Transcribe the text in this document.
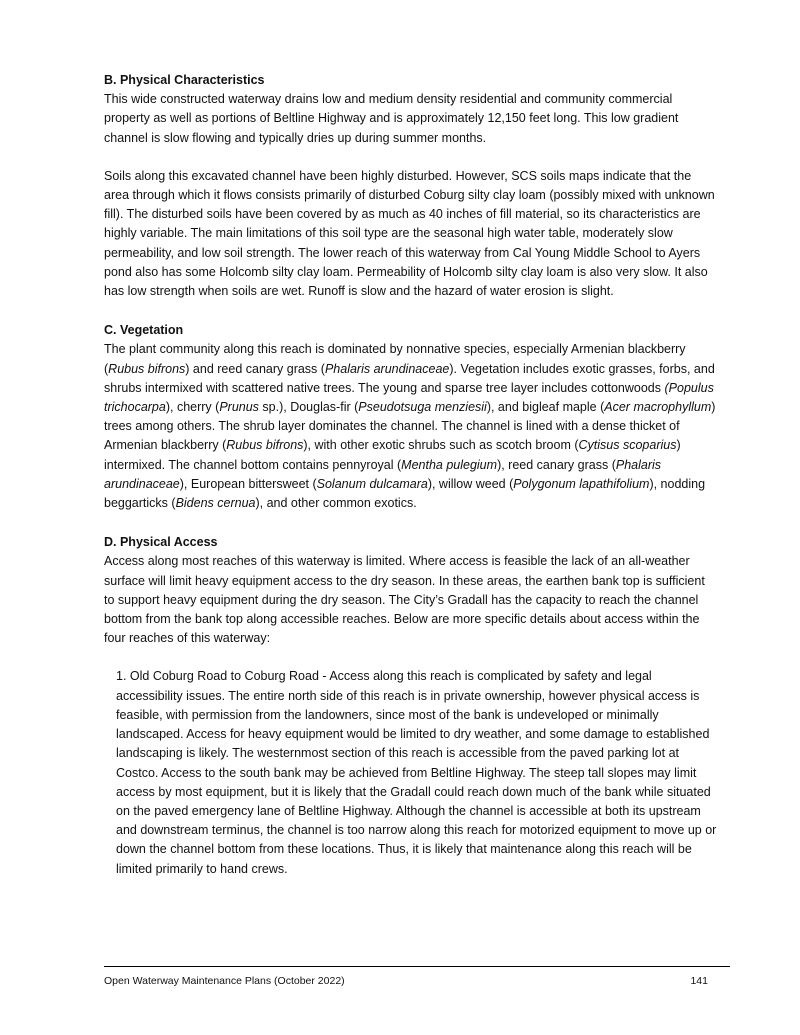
B. Physical Characteristics

This wide constructed waterway drains low and medium density residential and community commercial property as well as portions of Beltline Highway and is approximately 12,150 feet long. This low gradient channel is slow flowing and typically dries up during summer months.

Soils along this excavated channel have been highly disturbed. However, SCS soils maps indicate that the area through which it flows consists primarily of disturbed Coburg silty clay loam (possibly mixed with unknown fill). The disturbed soils have been covered by as much as 40 inches of fill material, so its characteristics are highly variable. The main limitations of this soil type are the seasonal high water table, moderately slow permeability, and low soil strength. The lower reach of this waterway from Cal Young Middle School to Ayers pond also has some Holcomb silty clay loam. Permeability of Holcomb silty clay loam is also very slow. It also has low strength when soils are wet. Runoff is slow and the hazard of water erosion is slight.

C. Vegetation

The plant community along this reach is dominated by nonnative species, especially Armenian blackberry (Rubus bifrons) and reed canary grass (Phalaris arundinaceae). Vegetation includes exotic grasses, forbs, and shrubs intermixed with scattered native trees. The young and sparse tree layer includes cottonwoods (Populus trichocarpa), cherry (Prunus sp.), Douglas-fir (Pseudotsuga menziesii), and bigleaf maple (Acer macrophyllum) trees among others. The shrub layer dominates the channel. The channel is lined with a dense thicket of Armenian blackberry (Rubus bifrons), with other exotic shrubs such as scotch broom (Cytisus scoparius) intermixed. The channel bottom contains pennyroyal (Mentha pulegium), reed canary grass (Phalaris arundinaceae), European bittersweet (Solanum dulcamara), willow weed (Polygonum lapathifolium), nodding beggarticks (Bidens cernua), and other common exotics.

D. Physical Access

Access along most reaches of this waterway is limited. Where access is feasible the lack of an all-weather surface will limit heavy equipment access to the dry season. In these areas, the earthen bank top is sufficient to support heavy equipment during the dry season. The City’s Gradall has the capacity to reach the channel bottom from the bank top along accessible reaches. Below are more specific details about access within the four reaches of this waterway:

1. Old Coburg Road to Coburg Road - Access along this reach is complicated by safety and legal accessibility issues. The entire north side of this reach is in private ownership, however physical access is feasible, with permission from the landowners, since most of the bank is undeveloped or minimally landscaped. Access for heavy equipment would be limited to dry weather, and some damage to established landscaping is likely. The westernmost section of this reach is accessible from the paved parking lot at Costco. Access to the south bank may be achieved from Beltline Highway. The steep tall slopes may limit access by most equipment, but it is likely that the Gradall could reach down much of the bank while situated on the paved emergency lane of Beltline Highway. Although the channel is accessible at both its upstream and downstream terminus, the channel is too narrow along this reach for motorized equipment to move up or down the channel bottom from these locations. Thus, it is likely that maintenance along this reach will be limited primarily to hand crews.
Open Waterway Maintenance Plans (October 2022)	141
